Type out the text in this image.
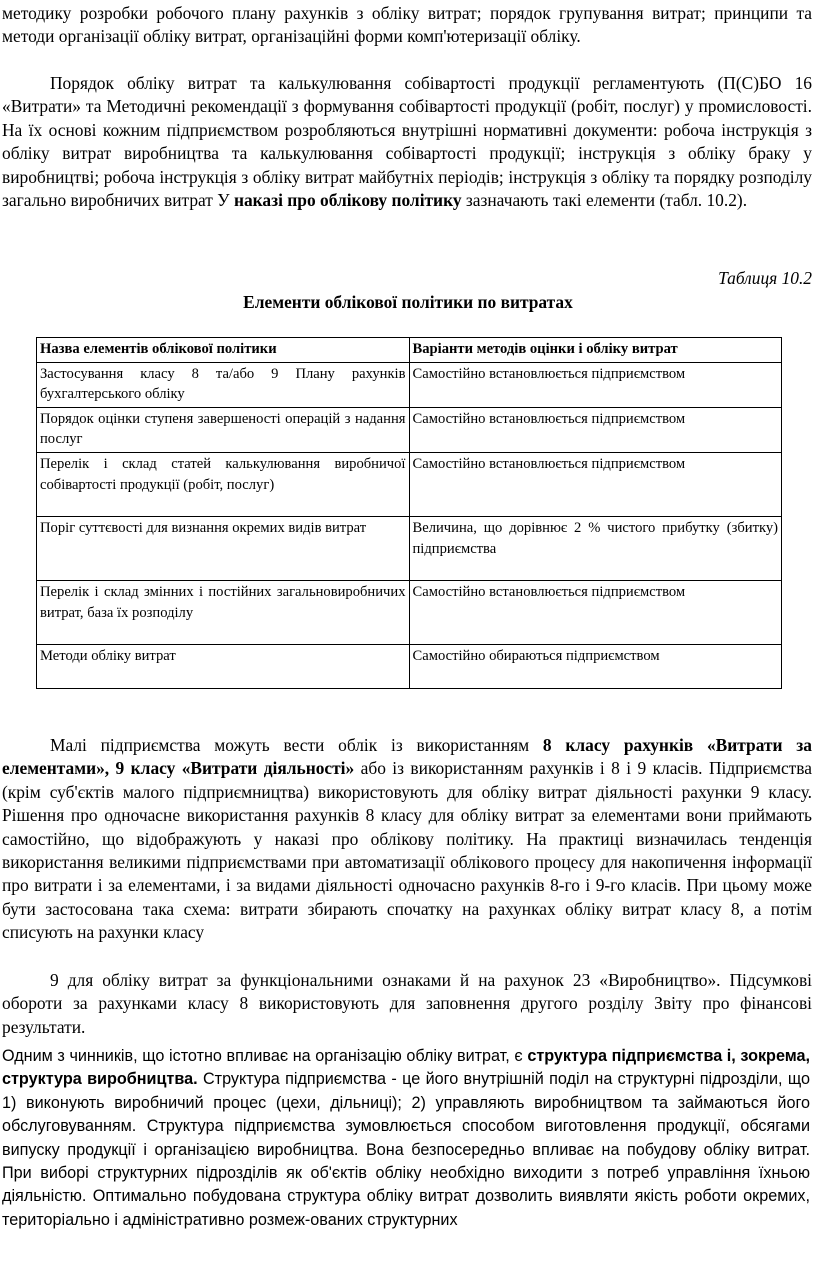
методику розробки робочого плану рахунків з обліку витрат; порядок групування витрат; принципи та методи організації обліку витрат, організаційні форми комп'ютеризації обліку.

Порядок обліку витрат та калькулювання собівартості продукції регламентують (П(С)БО 16 «Витрати» та Методичні рекомендації з формування собівартості продукції (робіт, послуг) у промисловості. На їх основі кожним підприємством розробляються внутрішні нормативні документи: робоча інструкція з обліку витрат виробництва та калькулювання собівартості продукції; інструкція з обліку браку у виробництві; робоча інструкція з обліку витрат майбутніх періодів; інструкція з обліку та порядку розподілу загально виробничих витрат У наказі про облікову політику зазначають такі елементи (табл. 10.2).

Таблиця 10.2
Елементи облікової політики по витратах
Назва елементів облікової політики	Варіанти методів оцінки і обліку витрат
Застосування класу 8 та/або 9 Плану рахунків бухгалтерського обліку	Самостійно встановлюється підприємством
Порядок оцінки ступеня завершеності операцій з надання послуг	Самостійно встановлюється підприємством
Перелік і склад статей калькулювання виробничої собівартості продукції (робіт, послуг)	Самостійно встановлюється підприємством
Поріг суттєвості для визнання окремих видів витрат	Величина, що дорівнює 2 % чистого прибутку (збитку) підприємства
Перелік і склад змінних і постійних загальновиробничих витрат, база їх розподілу	Самостійно встановлюється підприємством
Методи обліку витрат	Самостійно обираються підприємством

Малі підприємства можуть вести облік із використанням 8 класу рахунків «Витрати за елементами», 9 класу «Витрати діяльності» або із використанням рахунків і 8 і 9 класів. Підприємства (крім суб'єктів малого підприємництва) використовують для обліку витрат діяльності рахунки 9 класу. Рішення про одночасне використання рахунків 8 класу для обліку витрат за елементами вони приймають самостійно, що відображують у наказі про облікову політику. На практиці визначилась тенденція використання великими підприємствами при автоматизації облікового процесу для накопичення інформації про витрати і за елементами, і за видами діяльності одночасно рахунків 8-го і 9-го класів. При цьому може бути застосована така схема: витрати збирають спочатку на рахунках обліку витрат класу 8, а потім списують на рахунки класу

9 для обліку витрат за функціональними ознаками й на рахунок 23 «Виробництво». Підсумкові обороти за рахунками класу 8 використовують для заповнення другого розділу Звіту про фінансові результати.

Одним з чинників, що істотно впливає на організацію обліку витрат, є структура підприємства і, зокрема, структура виробництва. Структура підприємства - це його внутрішній поділ на структурні підрозділи, що 1) виконують виробничий процес (цехи, дільниці); 2) управляють виробництвом та займаються його обслуговуванням. Структура підприємства зумовлюється способом виготовлення продукції, обсягами випуску продукції і організацією виробництва. Вона безпосередньо впливає на побудову обліку витрат. При виборі структурних підрозділів як об'єктів обліку необхідно виходити з потреб управління їхньою діяльністю. Оптимально побудована структура обліку витрат дозволить виявляти якість роботи окремих, територіально і адміністративно розмеж-ованих структурних
